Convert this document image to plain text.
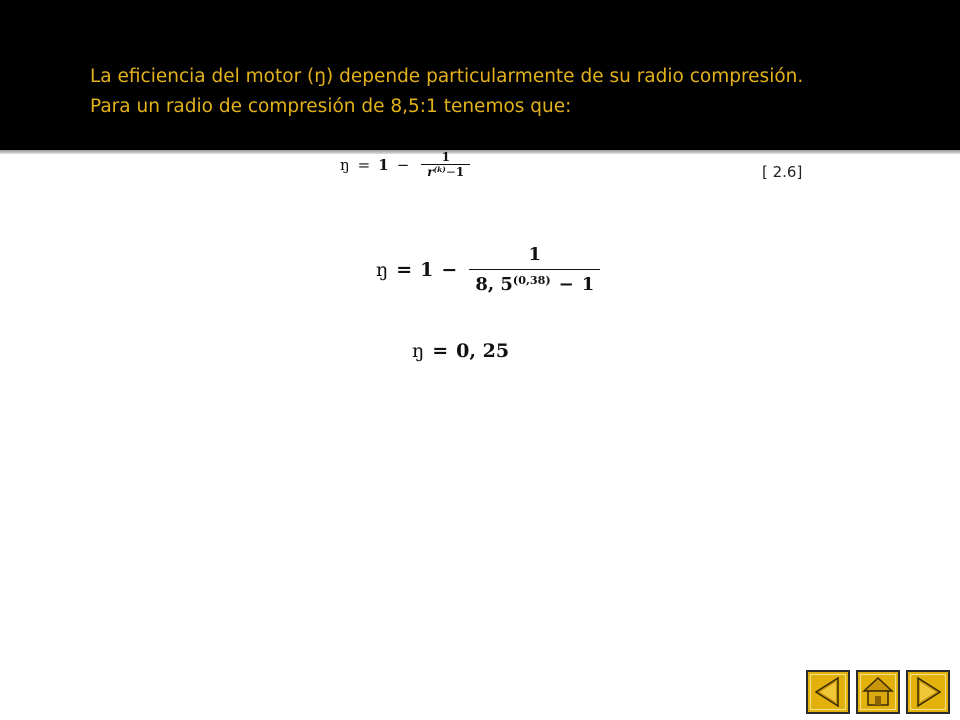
La eficiencia del motor (ŋ) depende particularmente de su radio compresión.
Para un radio de compresión de 8,5:1 tenemos que:

ŋ = 𝟏 − $\frac{𝟏}{𝒓^{(𝒌)}-𝟏}$	[ 2.6]
ŋ = 𝟏 − $\frac{𝟏}{𝟖, 𝟓^{(𝟎,𝟑𝟖)} - 𝟏}$
ŋ = 𝟎, 𝟐𝟓
